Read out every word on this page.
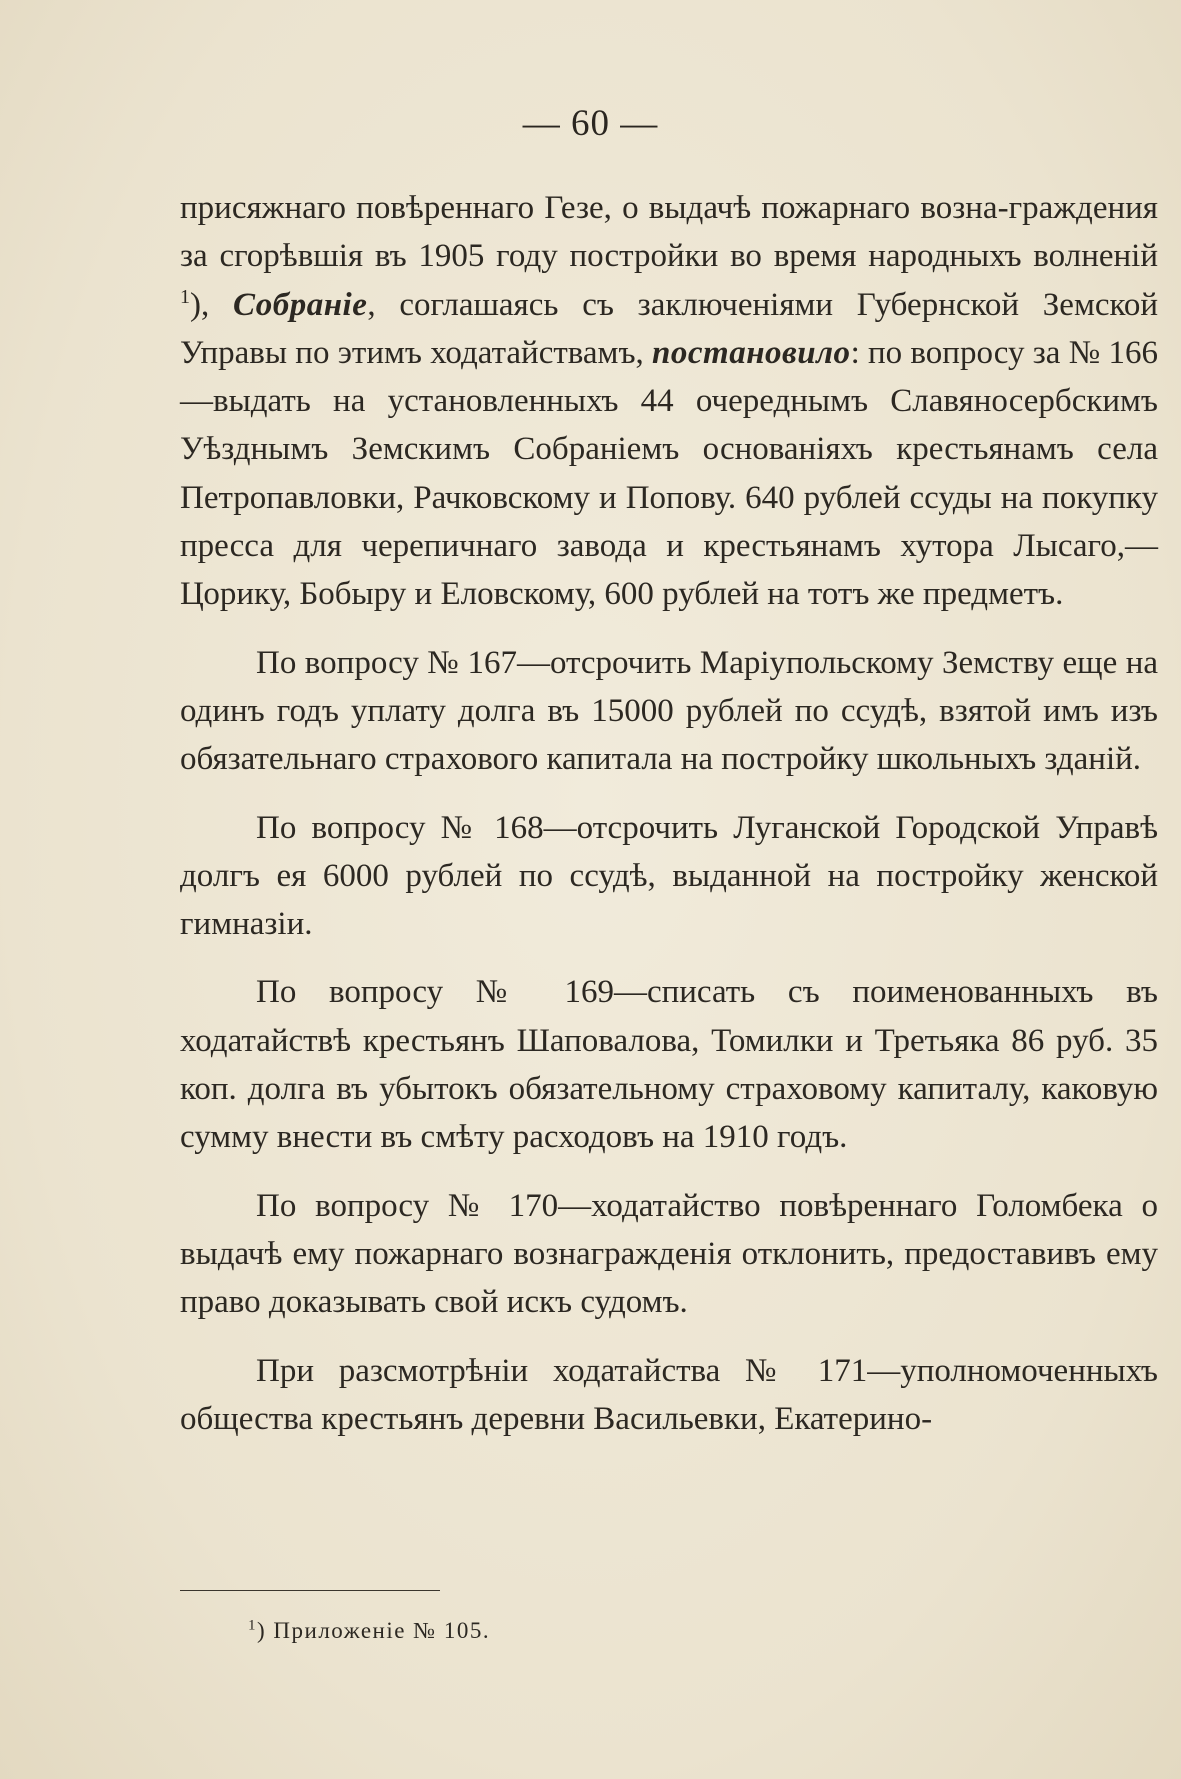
— 60 —

присяжнаго повѣреннаго Гезе, о выдачѣ пожарнаго возна-граждения за сгорѣвшія въ 1905 году постройки во время народныхъ волненій $^1$), Собраніе, соглашаясь съ заключеніями Губернской Земской Управы по этимъ ходатайствамъ, постановило: по вопросу за № 166—выдать на установленныхъ 44 очереднымъ Славяносербскимъ Уѣзднымъ Земскимъ Собраніемъ основаніяхъ крестьянамъ села Петропавловки, Рачковскому и Попову. 640 рублей ссуды на покупку пресса для черепичнаго завода и крестьянамъ хутора Лысаго,— Цорику, Бобыру и Еловскому, 600 рублей на тотъ же предметъ.

По вопросу № 167—отсрочить Маріупольскому Земству еще на одинъ годъ уплату долга въ 15000 рублей по ссудѣ, взятой имъ изъ обязательнаго страхового капитала на постройку школьныхъ зданій.

По вопросу № 168—отсрочить Луганской Городской Управѣ долгъ ея 6000 рублей по ссудѣ, выданной на постройку женской гимназіи.

По вопросу № 169—списать съ поименованныхъ въ ходатайствѣ крестьянъ Шаповалова, Томилки и Третьяка 86 руб. 35 коп. долга въ убытокъ обязательному страховому капиталу, каковую сумму внести въ смѣту расходовъ на 1910 годъ.

По вопросу № 170—ходатайство повѣреннаго Голомбека о выдачѣ ему пожарнаго вознагражденія отклонить, предоставивъ ему право доказывать свой искъ судомъ.

При разсмотрѣніи ходатайства № 171—уполномоченныхъ общества крестьянъ деревни Васильевки, Екатерино-

$^1$) Приложеніе № 105.
